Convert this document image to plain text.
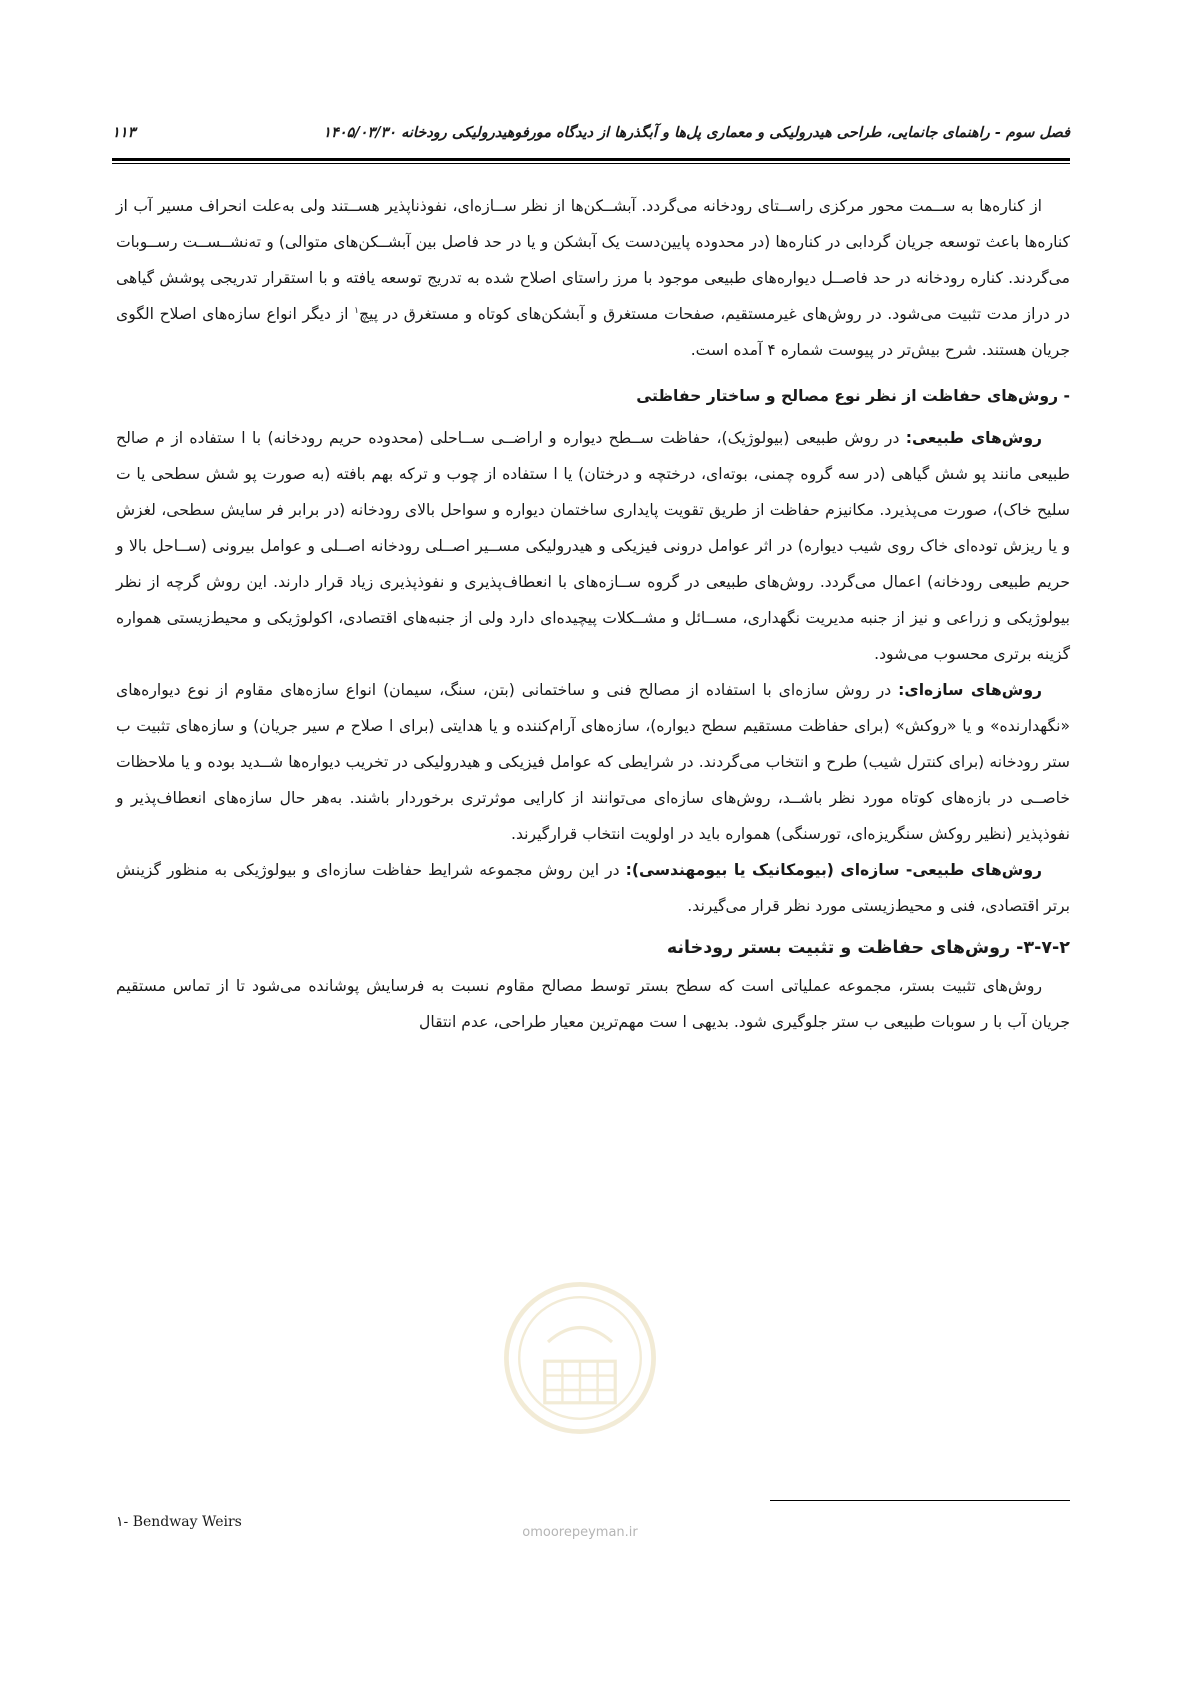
فصل سوم - راهنمای جانمایی، طراحی هیدرولیکی و معماری پل‌ها و آبگذرها از دیدگاه مورفوهیدرولیکی رودخانه ۱۴۰۵/۰۳/۳۰
۱۱۳

از کناره‌ها به ســمت محور مرکزی راســتای رودخانه می‌گردد. آبشــکن‌ها از نظر ســازه‌ای، نفوذناپذیر هســتند ولی به‌علت انحراف مسیر آب از کناره‌ها باعث توسعه جریان گردابی در کناره‌ها (در محدوده پایین‌دست یک آبشکن و یا در حد فاصل بین آبشــکن‌های متوالی) و تەنشــســت رســوبات می‌گردند. کناره رودخانه در حد فاصــل دیواره‌های طبیعی موجود با مرز راستای اصلاح شده به تدریج توسعه یافته و با استقرار تدریجی پوشش گیاهی در دراز مدت تثبیت می‌شود. در روش‌های غیرمستقیم، صفحات مستغرق و آبشکن‌های کوتاه و مستغرق در پیچ$^۱$ از دیگر انواع سازه‌های اصلاح الگوی جریان هستند. شرح بیش‌تر در پیوست شماره ۴ آمده است.

- روش‌های حفاظت از نظر نوع مصالح و ساختار حفاظتی

روش‌های طبیعی: در روش طبیعی (بیولوژیک)، حفاظت ســطح دیواره و اراضــی ســاحلی (محدوده حریم رودخانه) با ا ستفاده از م صالح طبیعی مانند پو شش گیاهی (در سه گروه چمنی، بوته‌ای، درختچه و درختان) یا ا ستفاده از چوب و ترکه بهم بافته (به صورت پو شش سطحی یا ت سلیح خاک)، صورت می‌پذیرد. مکانیزم حفاظت از طریق تقویت پایداری ساختمان دیواره و سواحل بالای رودخانه (در برابر فر سایش سطحی، لغزش و یا ریزش توده‌ای خاک روی شیب دیواره) در اثر عوامل درونی فیزیکی و هیدرولیکی مســیر اصــلی رودخانه اصــلی و عوامل بیرونی (ســاحل بالا و حریم طبیعی رودخانه) اعمال می‌گردد. روش‌های طبیعی در گروه ســازه‌های با انعطاف‌پذیری و نفوذپذیری زیاد قرار دارند. این روش گرچه از نظر بیولوژیکی و زراعی و نیز از جنبه مدیریت نگهداری، مســائل و مشــکلات پیچیده‌ای دارد ولی از جنبه‌های اقتصادی، اکولوژیکی و محیط‌زیستی همواره گزینه برتری محسوب می‌شود.

روش‌های سازه‌ای: در روش سازه‌ای با استفاده از مصالح فنی و ساختمانی (بتن، سنگ، سیمان) انواع سازه‌های مقاوم از نوع دیواره‌های «نگهدارنده» و یا «روکش» (برای حفاظت مستقیم سطح دیواره)، سازه‌های آرام‌کننده و یا هدایتی (برای ا صلاح م سیر جریان) و سازه‌های تثبیت ب ستر رودخانه (برای کنترل شیب) طرح و انتخاب می‌گردند. در شرایطی که عوامل فیزیکی و هیدرولیکی در تخریب دیواره‌ها شــدید بوده و یا ملاحظات خاصــی در بازه‌های کوتاه مورد نظر باشــد، روش‌های سازه‌ای می‌توانند از کارایی موثرتری برخوردار باشند. به‌هر حال سازه‌های انعطاف‌پذیر و نفوذپذیر (نظیر روکش سنگریزه‌ای، تورسنگی) همواره باید در اولویت انتخاب قرارگیرند.

روش‌های طبیعی- سازه‌ای (بیومکانیک یا بیومهندسی): در این روش مجموعه شرایط حفاظت سازه‌ای و بیولوژیکی به منظور گزینش برتر اقتصادی، فنی و محیط‌زیستی مورد نظر قرار می‌گیرند.

۳-۷-۲- روش‌های حفاظت و تثبیت بستر رودخانه

روش‌های تثبیت بستر، مجموعه عملیاتی است که سطح بستر توسط مصالح مقاوم نسبت به فرسایش پوشانده می‌شود تا از تماس مستقیم جریان آب با ر سوبات طبیعی ب ستر جلوگیری شود. بدیهی ا ست مهم‌ترین معیار طراحی، عدم انتقال

omoorepeyman.ir
۱- Bendway Weirs
